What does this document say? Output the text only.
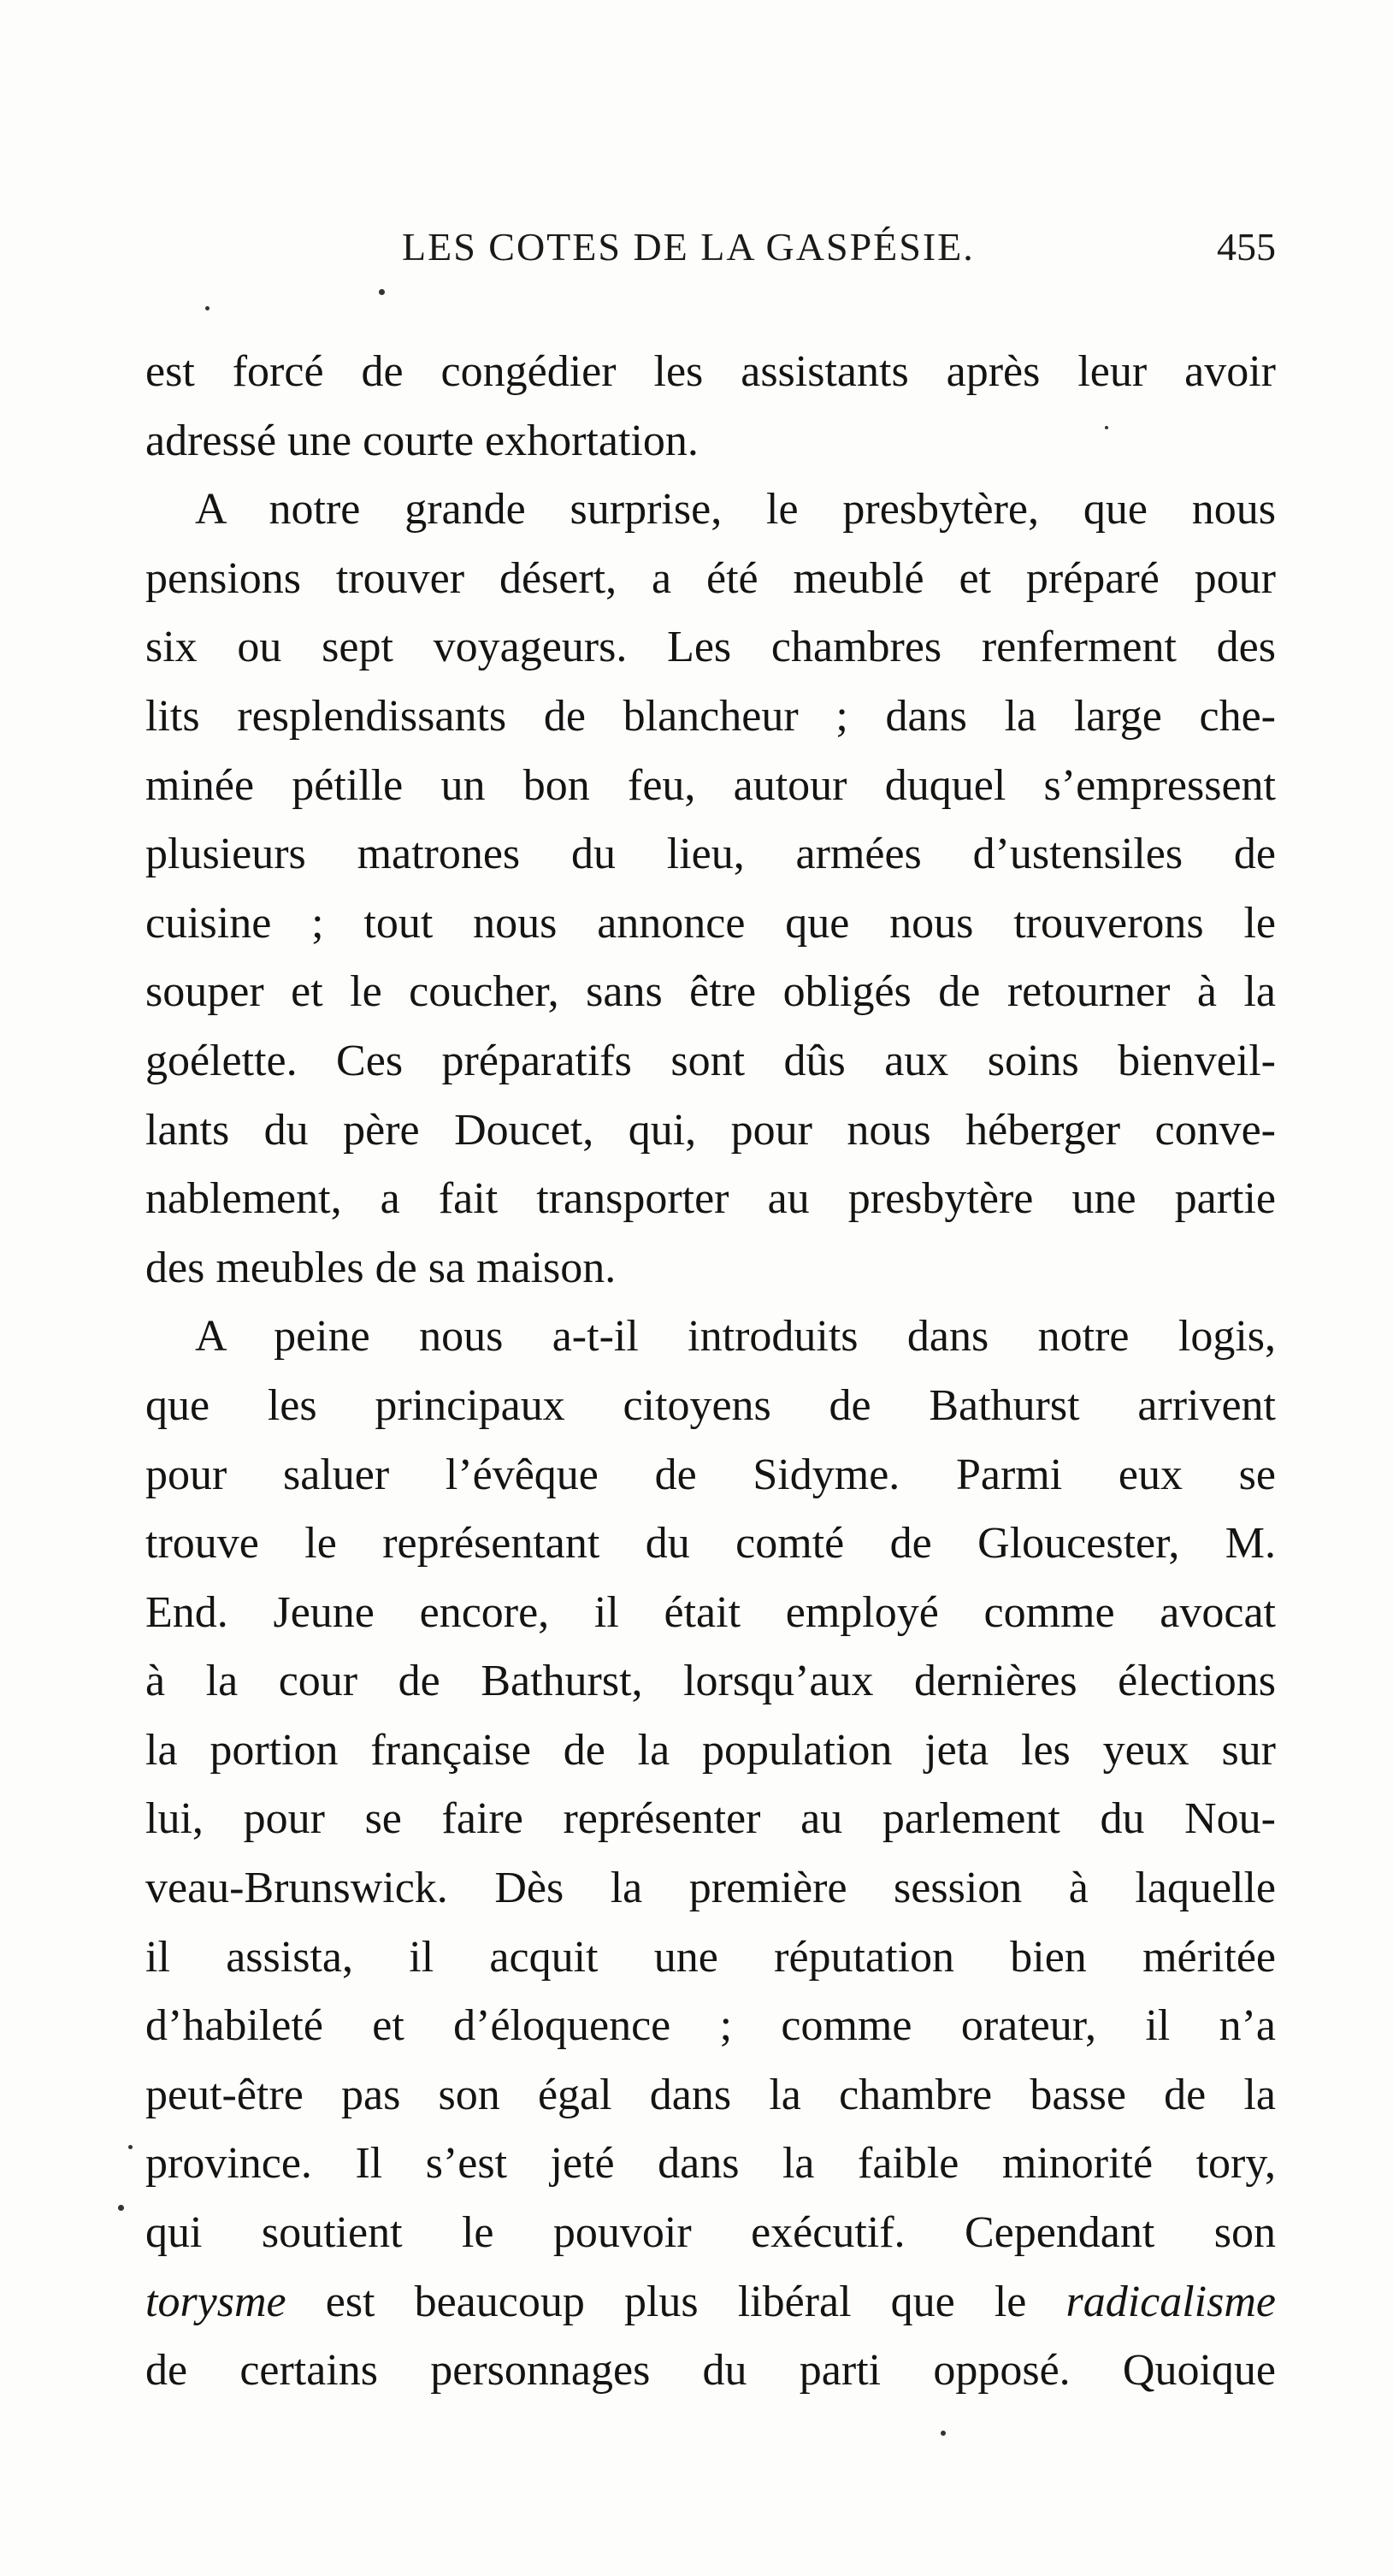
LES COTES DE LA GASPÉSIE.	455
est forcé de congédier les assistants après leur avoir
adressé une courte exhortation.
A notre grande surprise, le presbytère, que nous
pensions trouver désert, a été meublé et préparé pour
six ou sept voyageurs. Les chambres renferment des
lits resplendissants de blancheur ; dans la large che-
minée pétille un bon feu, autour duquel s’empressent
plusieurs matrones du lieu, armées d’ustensiles de
cuisine ; tout nous annonce que nous trouverons le
souper et le coucher, sans être obligés de retourner à la
goélette. Ces préparatifs sont dûs aux soins bienveil-
lants du père Doucet, qui, pour nous héberger conve-
nablement, a fait transporter au presbytère une partie
des meubles de sa maison.
A peine nous a-t-il introduits dans notre logis,
que les principaux citoyens de Bathurst arrivent
pour saluer l’évêque de Sidyme. Parmi eux se
trouve le représentant du comté de Gloucester, M.
End. Jeune encore, il était employé comme avocat
à la cour de Bathurst, lorsqu’aux dernières élections
la portion française de la population jeta les yeux sur
lui, pour se faire représenter au parlement du Nou-
veau-Brunswick. Dès la première session à laquelle
il assista, il acquit une réputation bien méritée
d’habileté et d’éloquence ; comme orateur, il n’a
peut-être pas son égal dans la chambre basse de la
province. Il s’est jeté dans la faible minorité tory,
qui soutient le pouvoir exécutif. Cependant son
torysme est beaucoup plus libéral que le radicalisme
de certains personnages du parti opposé. Quoique
